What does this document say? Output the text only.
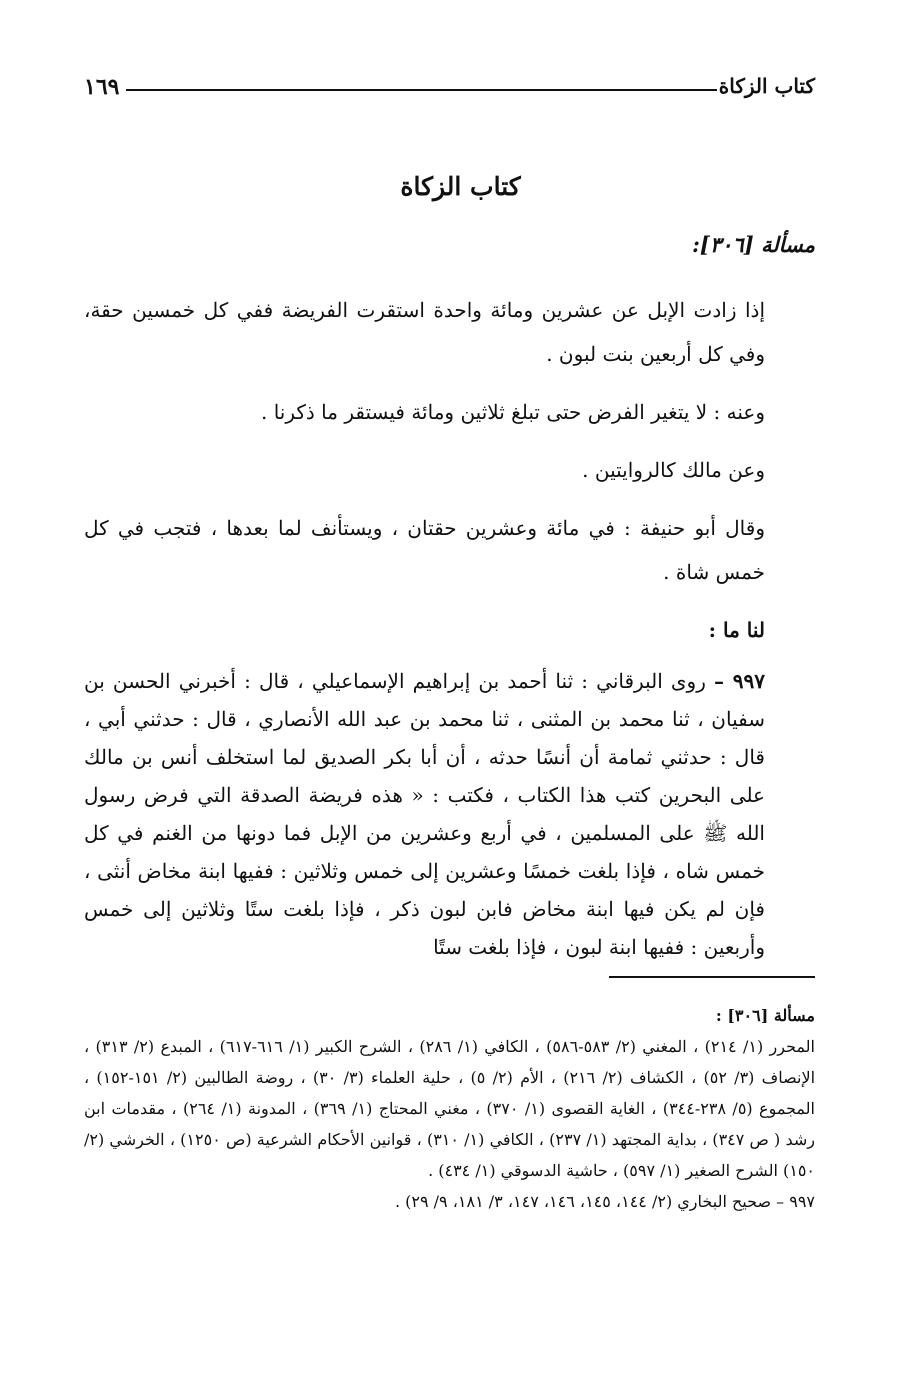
كتاب الزكاة
١٦٩
كتاب الزكاة
مسألة [٣٠٦]:

إذا زادت الإبل عن عشرين ومائة واحدة استقرت الفريضة ففي كل خمسين حقة، وفي كل أربعين بنت لبون .

وعنه : لا يتغير الفرض حتى تبلغ ثلاثين ومائة فيستقر ما ذكرنا .

وعن مالك كالروايتين .

وقال أبو حنيفة : في مائة وعشرين حقتان ، ويستأنف لما بعدها ، فتجب في كل خمس شاة .

لنا ما :

٩٩٧ – روى البرقاني : ثنا أحمد بن إبراهيم الإسماعيلي ، قال : أخبرني الحسن بن سفيان ، ثنا محمد بن المثنى ، ثنا محمد بن عبد الله الأنصاري ، قال : حدثني أبي ، قال : حدثني ثمامة أن أنسًا حدثه ، أن أبا بكر الصديق لما استخلف أنس بن مالك على البحرين كتب هذا الكتاب ، فكتب : « هذه فريضة الصدقة التي فرض رسول الله ﷺ على المسلمين ، في أربع وعشرين من الإبل فما دونها من الغنم في كل خمس شاه ، فإذا بلغت خمسًا وعشرين إلى خمس وثلاثين : ففيها ابنة مخاض أنثى ، فإن لم يكن فيها ابنة مخاض فابن لبون ذكر ، فإذا بلغت ستًا وثلاثين إلى خمس وأربعين : ففيها ابنة لبون ، فإذا بلغت ستًا

مسألة [٣٠٦] :

المحرر (١/ ٢١٤) ، المغني (٢/ ٥٨٣-٥٨٦) ، الكافي (١/ ٢٨٦) ، الشرح الكبير (١/ ٦١٦-٦١٧) ، المبدع (٢/ ٣١٣) ، الإنصاف (٣/ ٥٢) ، الكشاف (٢/ ٢١٦) ، الأم (٢/ ٥) ، حلية العلماء (٣/ ٣٠) ، روضة الطالبين (٢/ ١٥١-١٥٢) ، المجموع (٥/ ٢٣٨-٣٤٤) ، الغاية القصوى (١/ ٣٧٠) ، مغني المحتاج (١/ ٣٦٩) ، المدونة (١/ ٢٦٤) ، مقدمات ابن رشد ( ص ٣٤٧) ، بداية المجتهد (١/ ٢٣٧) ، الكافي (١/ ٣١٠) ، قوانين الأحكام الشرعية (ص ١٢٥٠) ، الخرشي (٢/ ١٥٠) الشرح الصغير (١/ ٥٩٧) ، حاشية الدسوقي (١/ ٤٣٤) .

٩٩٧ – صحيح البخاري (٢/ ١٤٤، ١٤٥، ١٤٦، ١٤٧، ٣/ ١٨١، ٩/ ٢٩) .
